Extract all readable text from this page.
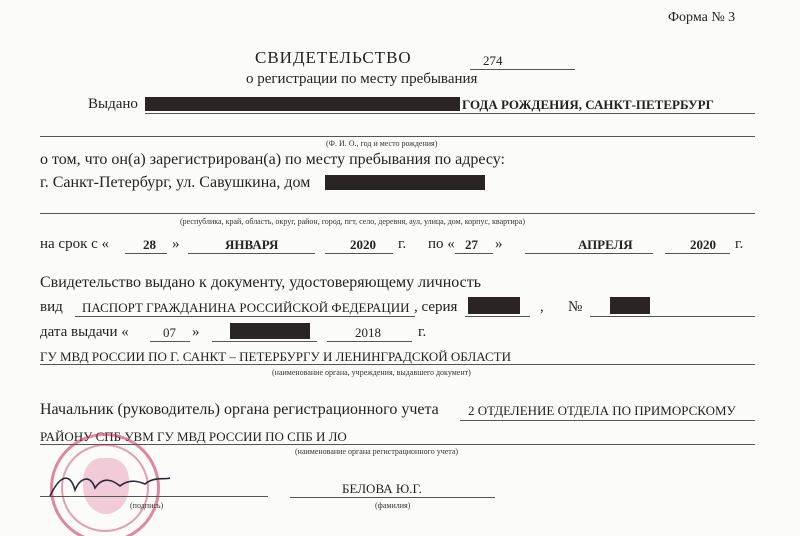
Форма № 3
СВИДЕТЕЛЬСТВО	274
о регистрации по месту пребывания
Выдано	ГОДА РОЖДЕНИЯ, САНКТ-ПЕТЕРБУРГ
(Ф. И. О., год и место рождения)
о том, что он(а) зарегистрирован(а) по месту пребывания по адресу:
г. Санкт-Петербург, ул. Савушкина, дом
(республика, край, область, округ, район, город, пгт, село, деревня, аул, улица, дом, корпус, квартира)
на срок с «	28 »	ЯНВАРЯ	2020 г. по « 27 »	АПРЕЛЯ	2020 г.
Свидетельство выдано к документу, удостоверяющему личность
вид ПАСПОРТ ГРАЖДАНИНА РОССИЙСКОЙ ФЕДЕРАЦИИ , серия	, №
дата выдачи «	07 »	2018 г.
ГУ МВД РОССИИ ПО Г. САНКТ – ПЕТЕРБУРГУ И ЛЕНИНГРАДСКОЙ ОБЛАСТИ
(наименование органа, учреждения, выдавшего документ)
Начальник (руководитель) органа регистрационного учета 2 ОТДЕЛЕНИЕ ОТДЕЛА ПО ПРИМОРСКОМУ
РАЙОНУ СПБ УВМ ГУ МВД РОССИИ ПО СПБ И ЛО
(наименование органа регистрационного учета)
(подпись)
БЕЛОВА Ю.Г.
(фамилия)
